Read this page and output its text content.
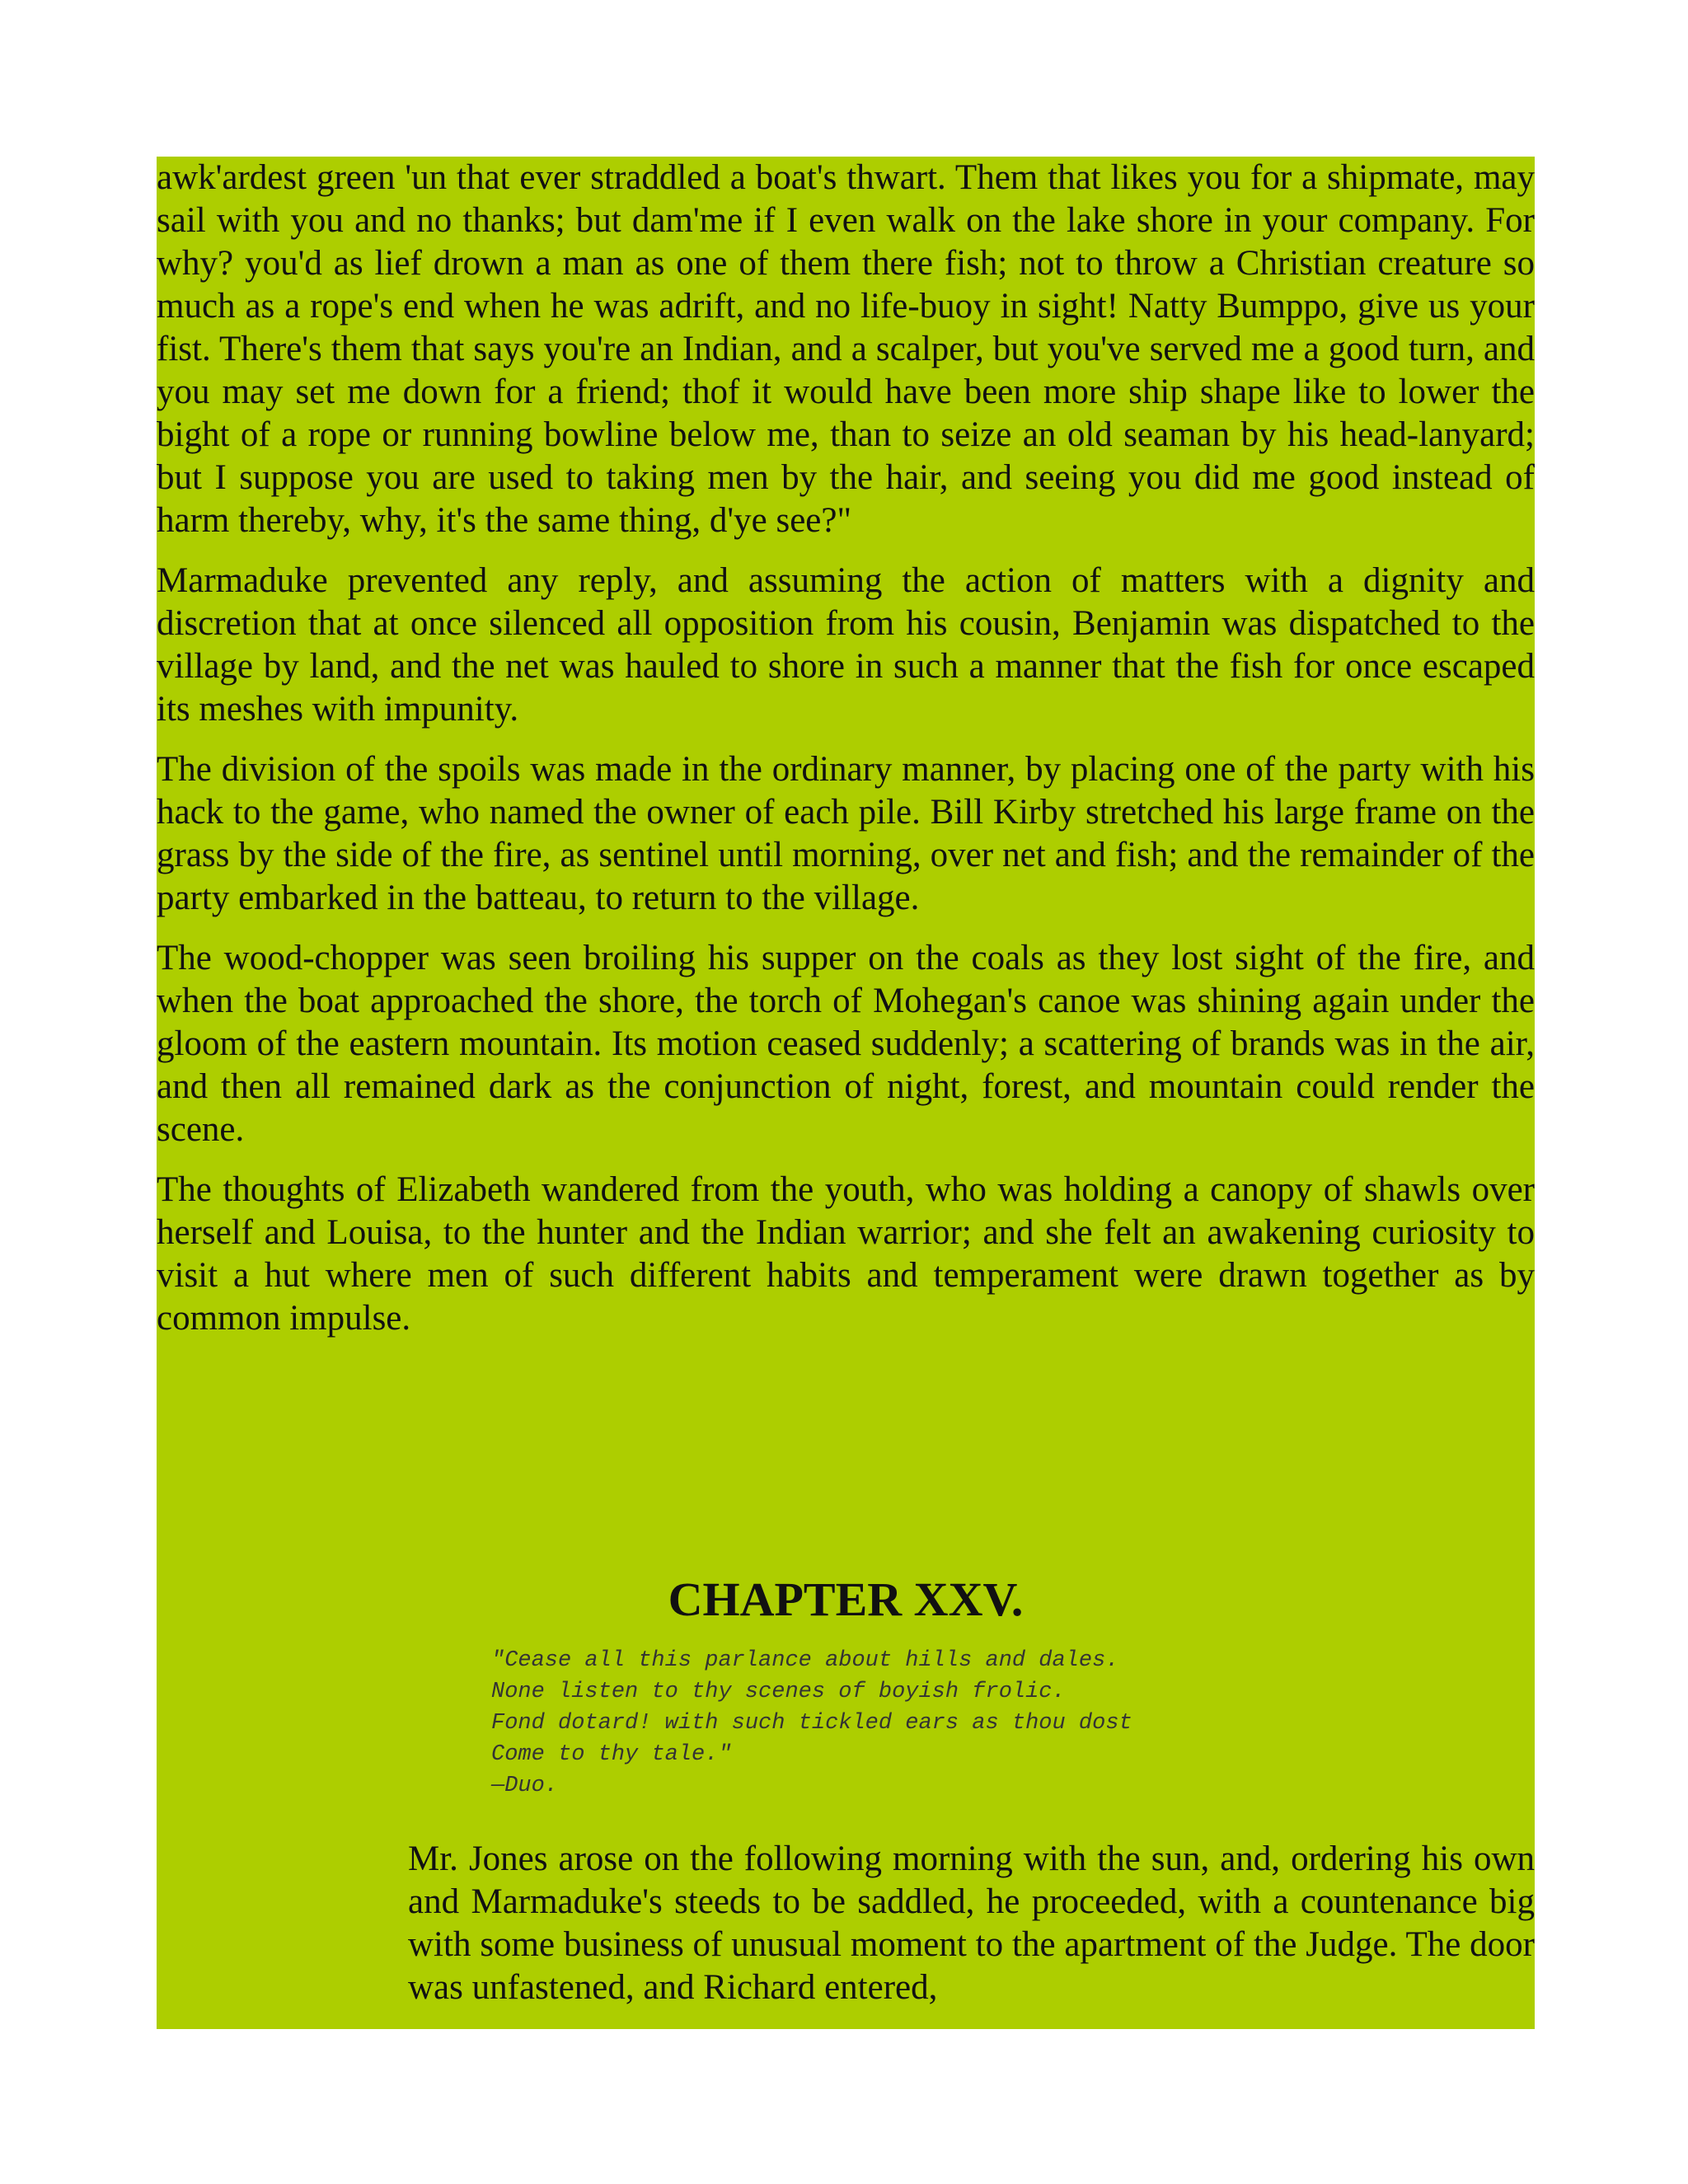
awk'ardest green 'un that ever straddled a boat's thwart. Them that likes you for a shipmate, may sail with you and no thanks; but dam'me if I even walk on the lake shore in your company. For why? you'd as lief drown a man as one of them there fish; not to throw a Christian creature so much as a rope's end when he was adrift, and no life-buoy in sight! Natty Bumppo, give us your fist. There's them that says you're an Indian, and a scalper, but you've served me a good turn, and you may set me down for a friend; thof it would have been more ship shape like to lower the bight of a rope or running bowline below me, than to seize an old seaman by his head-lanyard; but I suppose you are used to taking men by the hair, and seeing you did me good instead of harm thereby, why, it's the same thing, d'ye see?"

Marmaduke prevented any reply, and assuming the action of matters with a dignity and discretion that at once silenced all opposition from his cousin, Benjamin was dispatched to the village by land, and the net was hauled to shore in such a manner that the fish for once escaped its meshes with impunity.

The division of the spoils was made in the ordinary manner, by placing one of the party with his hack to the game, who named the owner of each pile. Bill Kirby stretched his large frame on the grass by the side of the fire, as sentinel until morning, over net and fish; and the remainder of the party embarked in the batteau, to return to the village.

The wood-chopper was seen broiling his supper on the coals as they lost sight of the fire, and when the boat approached the shore, the torch of Mohegan's canoe was shining again under the gloom of the eastern mountain. Its motion ceased suddenly; a scattering of brands was in the air, and then all remained dark as the conjunction of night, forest, and mountain could render the scene.

The thoughts of Elizabeth wandered from the youth, who was holding a canopy of shawls over herself and Louisa, to the hunter and the Indian warrior; and she felt an awakening curiosity to visit a hut where men of such different habits and temperament were drawn together as by common impulse.

CHAPTER XXV.
"Cease all this parlance about hills and dales.
None listen to thy scenes of boyish frolic.
Fond dotard! with such tickled ears as thou dost
Come to thy tale."
—Duo.

Mr. Jones arose on the following morning with the sun, and, ordering his own and Marmaduke's steeds to be saddled, he proceeded, with a countenance big with some business of unusual moment to the apartment of the Judge. The door was unfastened, and Richard entered,
